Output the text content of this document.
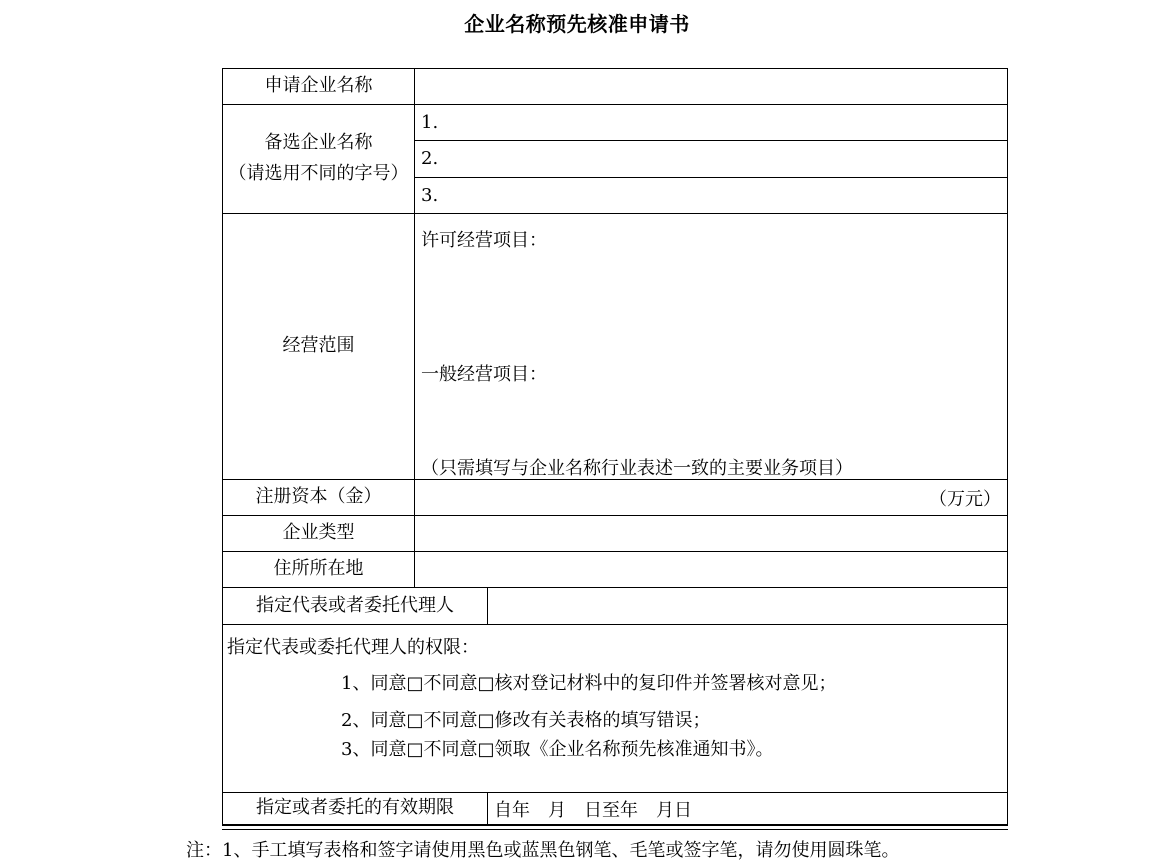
企业名称预先核准申请书
申请企业名称
备选企业名称
（请选用不同的字号）
1.
2.
3.
经营范围
许可经营项目：
一般经营项目：
（只需填写与企业名称行业表述一致的主要业务项目）
注册资本（金）	（万元）
企业类型
住所所在地
指定代表或者委托代理人
指定代表或委托代理人的权限：
1、同意□不同意□核对登记材料中的复印件并签署核对意见；
2、同意□不同意□修改有关表格的填写错误；
3、同意□不同意□领取《企业名称预先核准通知书》。
指定或者委托的有效期限	自年　月　日至年　月日
注：1、手工填写表格和签字请使用黑色或蓝黑色钢笔、毛笔或签字笔，请勿使用圆珠笔。
